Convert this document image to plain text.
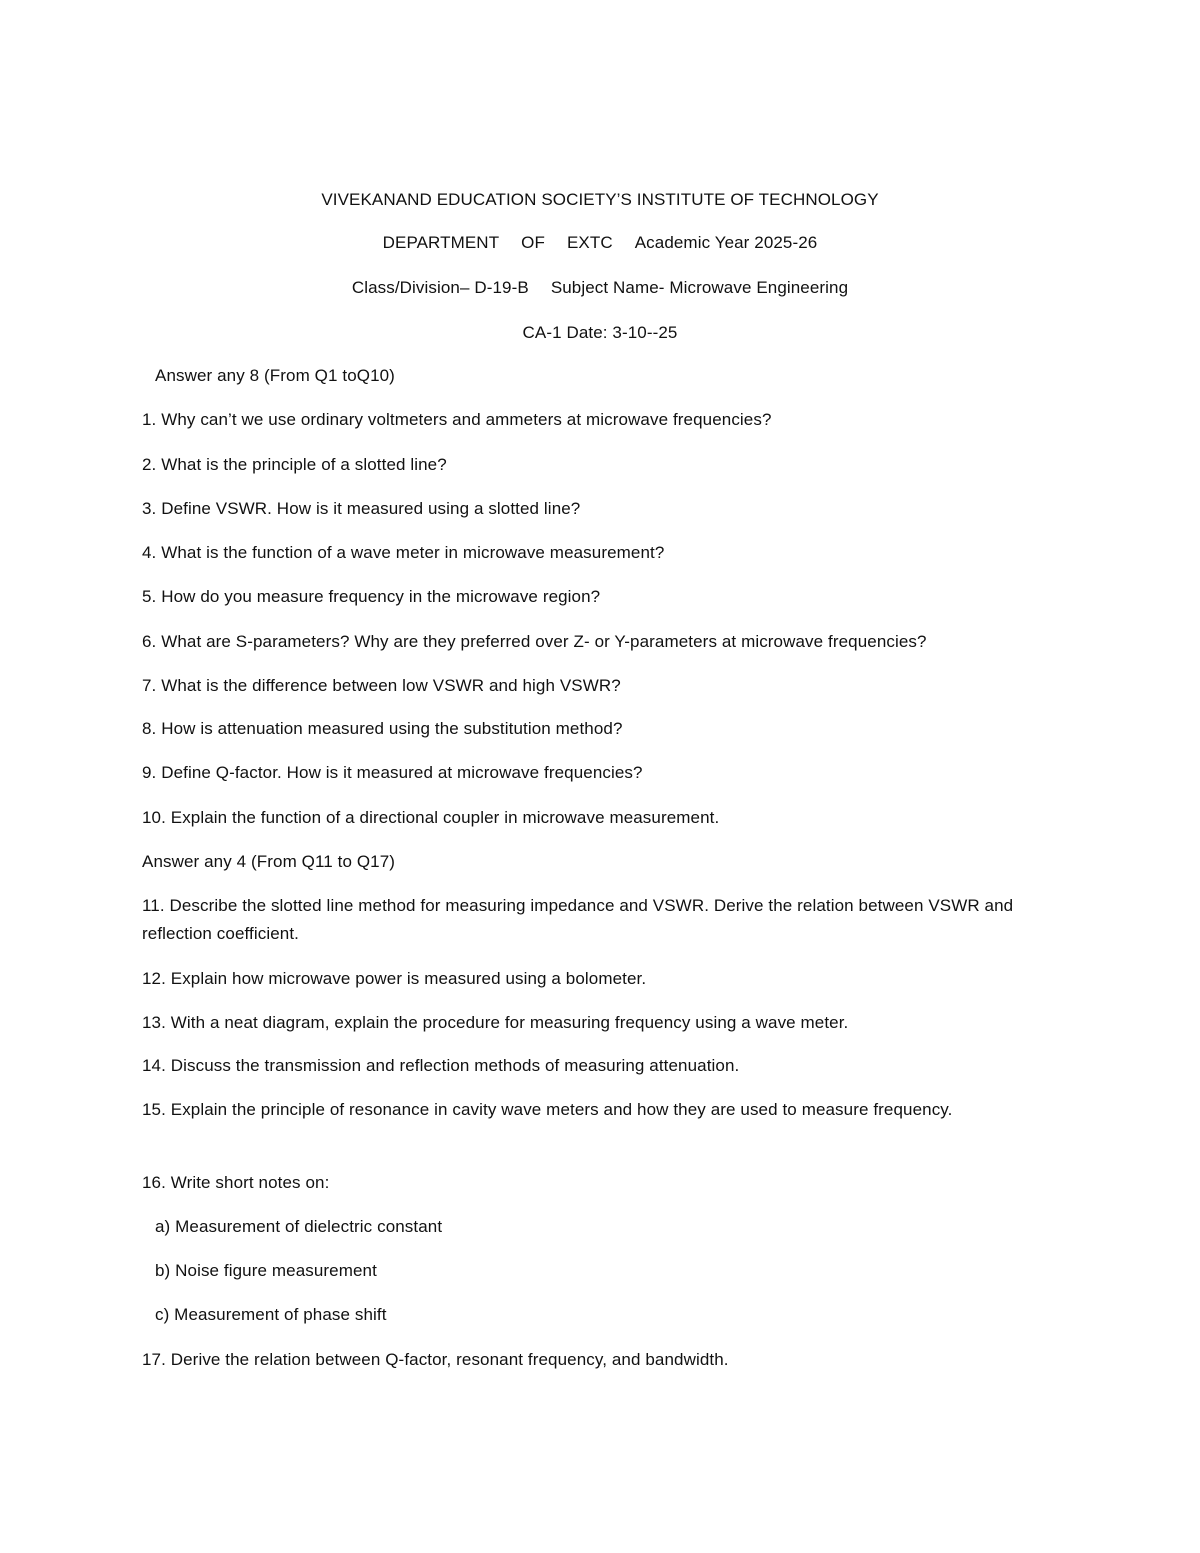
VIVEKANAND EDUCATION SOCIETY’S INSTITUTE OF TECHNOLOGY
DEPARTMENT OF EXTC Academic Year 2025-26
Class/Division– D-19-B Subject Name- Microwave Engineering
CA-1 Date: 3-10--25
Answer any 8 (From Q1 toQ10)
1. Why can’t we use ordinary voltmeters and ammeters at microwave frequencies?
2. What is the principle of a slotted line?
3. Define VSWR. How is it measured using a slotted line?
4. What is the function of a wave meter in microwave measurement?
5. How do you measure frequency in the microwave region?
6. What are S-parameters? Why are they preferred over Z- or Y-parameters at microwave frequencies?
7. What is the difference between low VSWR and high VSWR?
8. How is attenuation measured using the substitution method?
9. Define Q-factor. How is it measured at microwave frequencies?
10. Explain the function of a directional coupler in microwave measurement.
Answer any 4 (From Q11 to Q17)
11. Describe the slotted line method for measuring impedance and VSWR. Derive the relation between VSWR and reflection coefficient.
12. Explain how microwave power is measured using a bolometer.
13. With a neat diagram, explain the procedure for measuring frequency using a wave meter.
14. Discuss the transmission and reflection methods of measuring attenuation.
15. Explain the principle of resonance in cavity wave meters and how they are used to measure frequency.
16. Write short notes on:
a) Measurement of dielectric constant
b) Noise figure measurement
c) Measurement of phase shift
17. Derive the relation between Q-factor, resonant frequency, and bandwidth.
